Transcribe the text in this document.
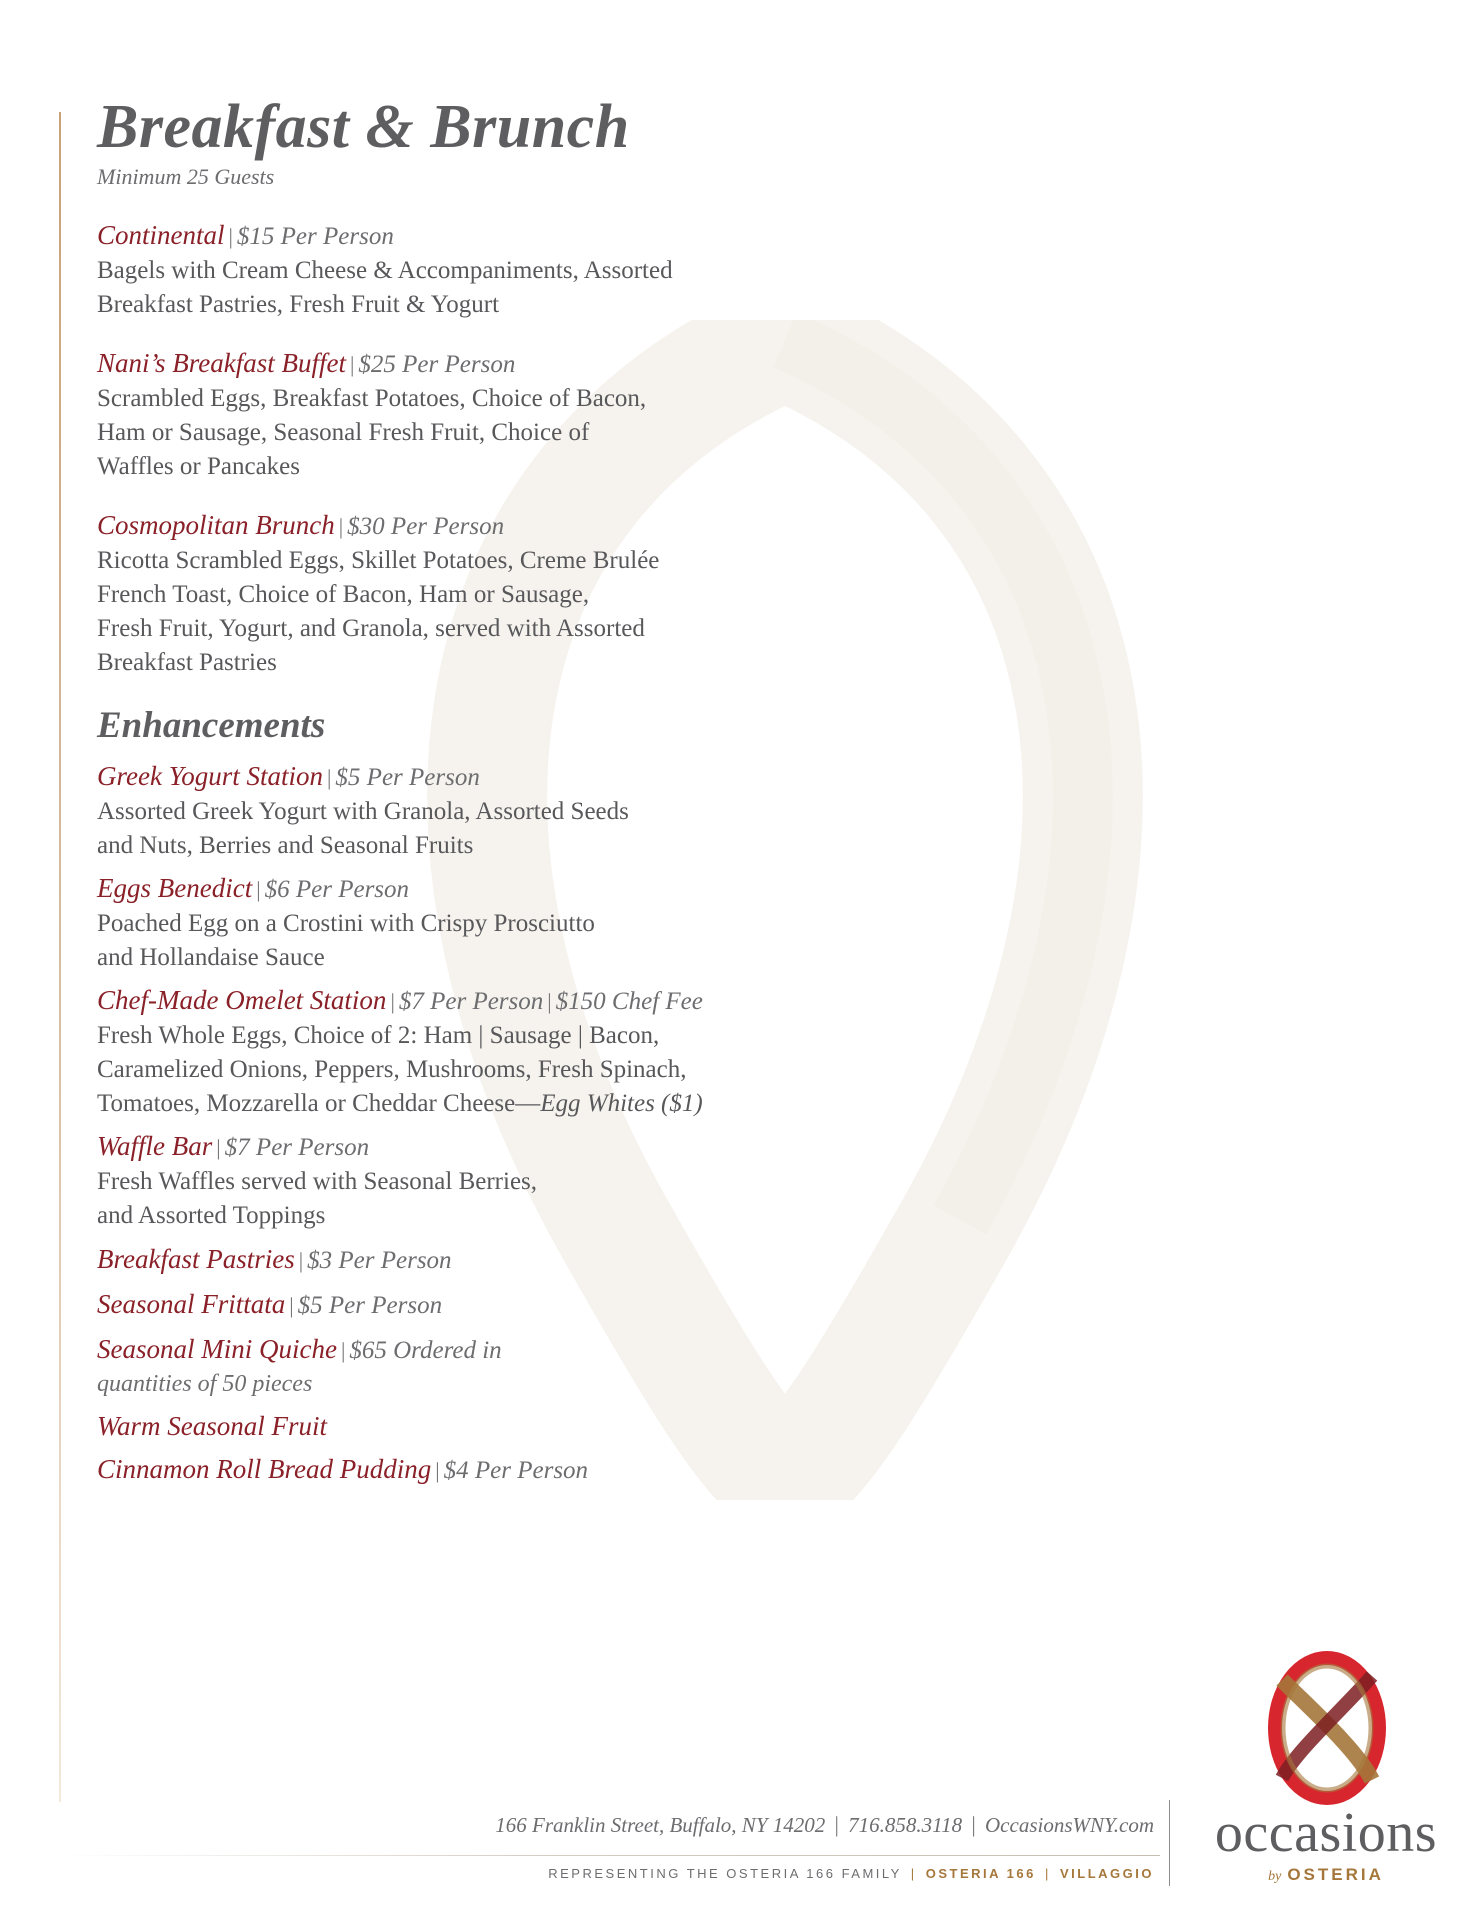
Breakfast & Brunch

Minimum 25 Guests

Continental | $15 Per Person

Bagels with Cream Cheese & Accompaniments, Assorted

Breakfast Pastries, Fresh Fruit & Yogurt

Nani’s Breakfast Buffet | $25 Per Person

Scrambled Eggs, Breakfast Potatoes, Choice of Bacon,

Ham or Sausage, Seasonal Fresh Fruit, Choice of

Waffles or Pancakes

Cosmopolitan Brunch | $30 Per Person

Ricotta Scrambled Eggs, Skillet Potatoes, Creme Brulée

French Toast, Choice of Bacon, Ham or Sausage,

Fresh Fruit, Yogurt, and Granola, served with Assorted

Breakfast Pastries

Enhancements
Greek Yogurt Station | $5 Per Person

Assorted Greek Yogurt with Granola, Assorted Seeds

and Nuts, Berries and Seasonal Fruits

Eggs Benedict | $6 Per Person

Poached Egg on a Crostini with Crispy Prosciutto

and Hollandaise Sauce

Chef-Made Omelet Station | $7 Per Person | $150 Chef Fee

Fresh Whole Eggs, Choice of 2: Ham | Sausage | Bacon,

Caramelized Onions, Peppers, Mushrooms, Fresh Spinach,

Tomatoes, Mozzarella or Cheddar Cheese—Egg Whites ($1)

Waffle Bar | $7 Per Person

Fresh Waffles served with Seasonal Berries,

and Assorted Toppings

Breakfast Pastries | $3 Per Person
Seasonal Frittata | $5 Per Person
Seasonal Mini Quiche | $65 Ordered in

quantities of 50 pieces

Warm Seasonal Fruit
Cinnamon Roll Bread Pudding | $4 Per Person
166 Franklin Street, Buffalo, NY 14202 | 716.858.3118 | OccasionsWNY.com
REPRESENTING THE OSTERIA 166 FAMILY | OSTERIA 166 | VILLAGGIO
occasions
by OSTERIA
